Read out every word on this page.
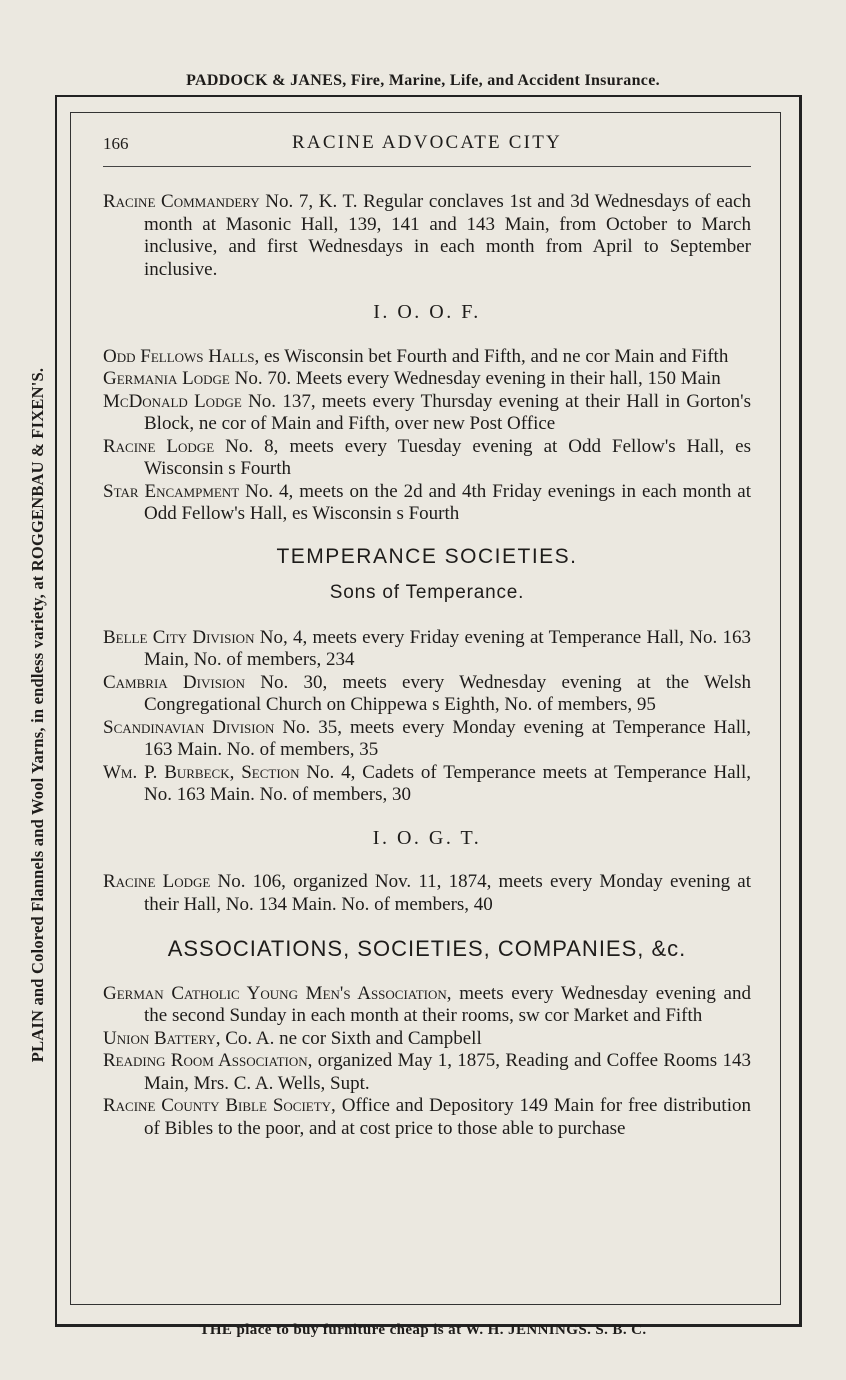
PADDOCK & JANES, Fire, Marine, Life, and Accident Insurance.
PLAIN and Colored Flannels and Wool Yarns, in endless variety, at ROGGENBAU & FIXEN'S.
166	RACINE ADVOCATE CITY
Racine Commandery No. 7, K. T. Regular conclaves 1st and 3d Wednesdays of each month at Masonic Hall, 139, 141 and 143 Main, from October to March inclusive, and first Wednesdays in each month from April to September inclusive.
I. O. O. F.
Odd Fellows Halls, es Wisconsin bet Fourth and Fifth, and ne cor Main and Fifth
Germania Lodge No. 70. Meets every Wednesday evening in their hall, 150 Main
McDonald Lodge No. 137, meets every Thursday evening at their Hall in Gorton's Block, ne cor of Main and Fifth, over new Post Office
Racine Lodge No. 8, meets every Tuesday evening at Odd Fellow's Hall, es Wisconsin s Fourth
Star Encampment No. 4, meets on the 2d and 4th Friday evenings in each month at Odd Fellow's Hall, es Wisconsin s Fourth
TEMPERANCE SOCIETIES.
Sons of Temperance.
Belle City Division No, 4, meets every Friday evening at Temperance Hall, No. 163 Main, No. of members, 234
Cambria Division No. 30, meets every Wednesday evening at the Welsh Congregational Church on Chippewa s Eighth, No. of members, 95
Scandinavian Division No. 35, meets every Monday evening at Temperance Hall, 163 Main. No. of members, 35
Wm. P. Burbeck, Section No. 4, Cadets of Temperance meets at Temperance Hall, No. 163 Main. No. of members, 30
I. O. G. T.
Racine Lodge No. 106, organized Nov. 11, 1874, meets every Monday evening at their Hall, No. 134 Main. No. of members, 40
ASSOCIATIONS, SOCIETIES, COMPANIES, &c.
German Catholic Young Men's Association, meets every Wednesday evening and the second Sunday in each month at their rooms, sw cor Market and Fifth
Union Battery, Co. A. ne cor Sixth and Campbell
Reading Room Association, organized May 1, 1875, Reading and Coffee Rooms 143 Main, Mrs. C. A. Wells, Supt.
Racine County Bible Society, Office and Depository 149 Main for free distribution of Bibles to the poor, and at cost price to those able to purchase
THE place to buy furniture cheap is at W. H. JENNINGS. S. B. C.
